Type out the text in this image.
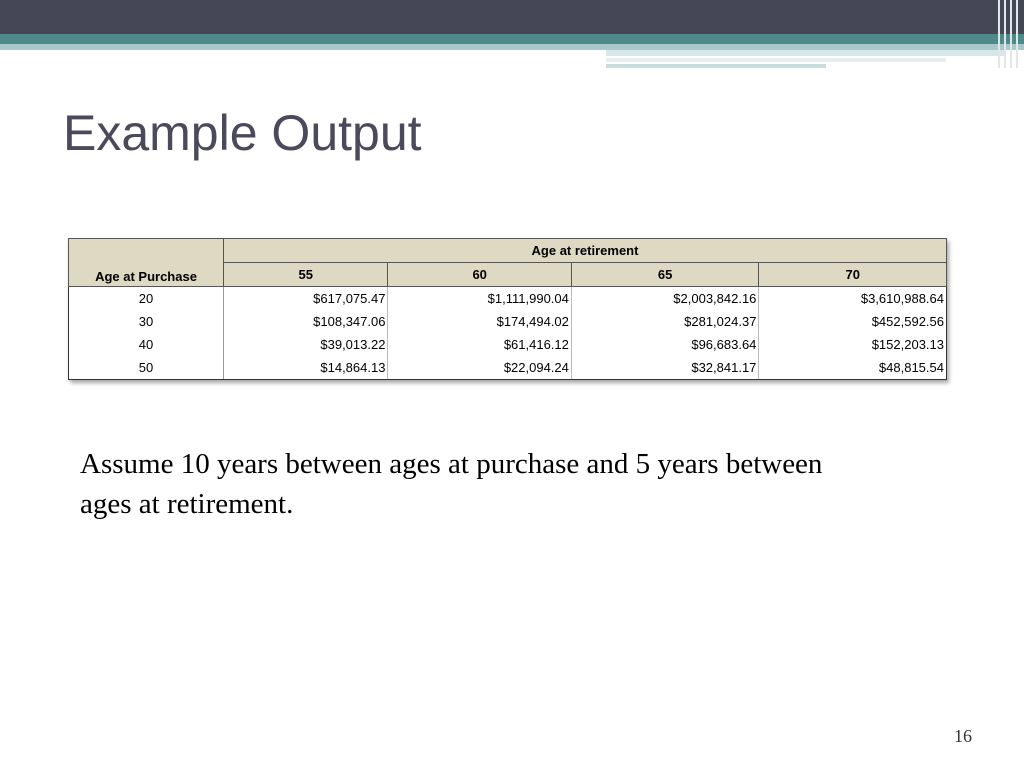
Example Output
Age at Purchase	Age at retirement			
	55	60	65	70
20	$617,075.47	$1,111,990.04	$2,003,842.16	$3,610,988.64
30	$108,347.06	$174,494.02	$281,024.37	$452,592.56
40	$39,013.22	$61,416.12	$96,683.64	$152,203.13
50	$14,864.13	$22,094.24	$32,841.17	$48,815.54

Assume 10 years between ages at purchase and 5 years between ages at retirement.

16
